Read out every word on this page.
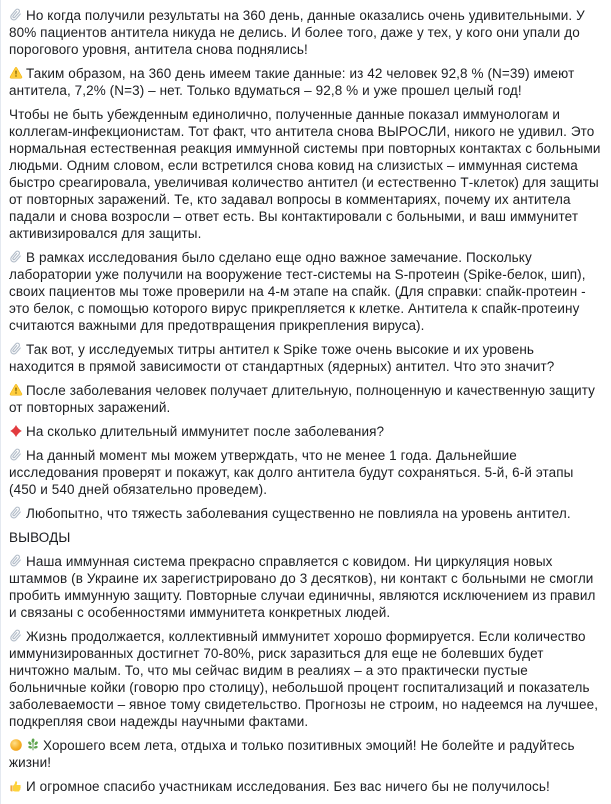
Но когда получили результаты на 360 день, данные оказались очень удивительными. У 80% пациентов антитела никуда не делись. И более того, даже у тех, у кого они упали до порогового уровня, антитела снова поднялись!

Таким образом, на 360 день имеем такие данные: из 42 человек 92,8 % (N=39) имеют антитела, 7,2% (N=3) – нет. Только вдуматься – 92,8 % и уже прошел целый год!

Чтобы не быть убежденным единолично, полученные данные показал иммунологам и коллегам-инфекционистам. Тот факт, что антитела снова ВЫРОСЛИ, никого не удивил. Это нормальная естественная реакция иммунной системы при повторных контактах с больными людьми. Одним словом, если встретился снова ковид на слизистых – иммунная система быстро среагировала, увеличивая количество антител (и естественно Т-клеток) для защиты от повторных заражений. Те, кто задавал вопросы в комментариях, почему их антитела падали и снова возросли – ответ есть. Вы контактировали с больными, и ваш иммунитет активизировался для защиты.

В рамках исследования было сделано еще одно важное замечание. Поскольку лаборатории уже получили на вооружение тест-системы на S-протеин (Spike-белок, шип), своих пациентов мы тоже проверили на 4-м этапе на спайк. (Для справки: спайк-протеин - это белок, с помощью которого вирус прикрепляется к клетке. Антитела к спайк-протеину считаются важными для предотвращения прикрепления вируса).

Так вот, у исследуемых титры антител к Spike тоже очень высокие и их уровень находится в прямой зависимости от стандартных (ядерных) антител. Что это значит?

После заболевания человек получает длительную, полноценную и качественную защиту от повторных заражений.

На сколько длительный иммунитет после заболевания?

На данный момент мы можем утверждать, что не менее 1 года. Дальнейшие исследования проверят и покажут, как долго антитела будут сохраняться. 5-й, 6-й этапы (450 и 540 дней обязательно проведем).

Любопытно, что тяжесть заболевания существенно не повлияла на уровень антител.

ВЫВОДЫ

Наша иммунная система прекрасно справляется с ковидом. Ни циркуляция новых штаммов (в Украине их зарегистрировано до 3 десятков), ни контакт с больными не смогли пробить иммунную защиту. Повторные случаи единичны, являются исключением из правил и связаны с особенностями иммунитета конкретных людей.

Жизнь продолжается, коллективный иммунитет хорошо формируется. Если количество иммунизированных достигнет 70-80%, риск заразиться для еще не болевших будет ничтожно малым. То, что мы сейчас видим в реалиях – а это практически пустые больничные койки (говорю про столицу), небольшой процент госпитализаций и показатель заболеваемости – явное тому свидетельство. Прогнозы не строим, но надеемся на лучшее, подкрепляя свои надежды научными фактами.

Хорошего всем лета, отдыха и только позитивных эмоций! Не болейте и радуйтесь жизни!

И огромное спасибо участникам исследования. Без вас ничего бы не получилось!
